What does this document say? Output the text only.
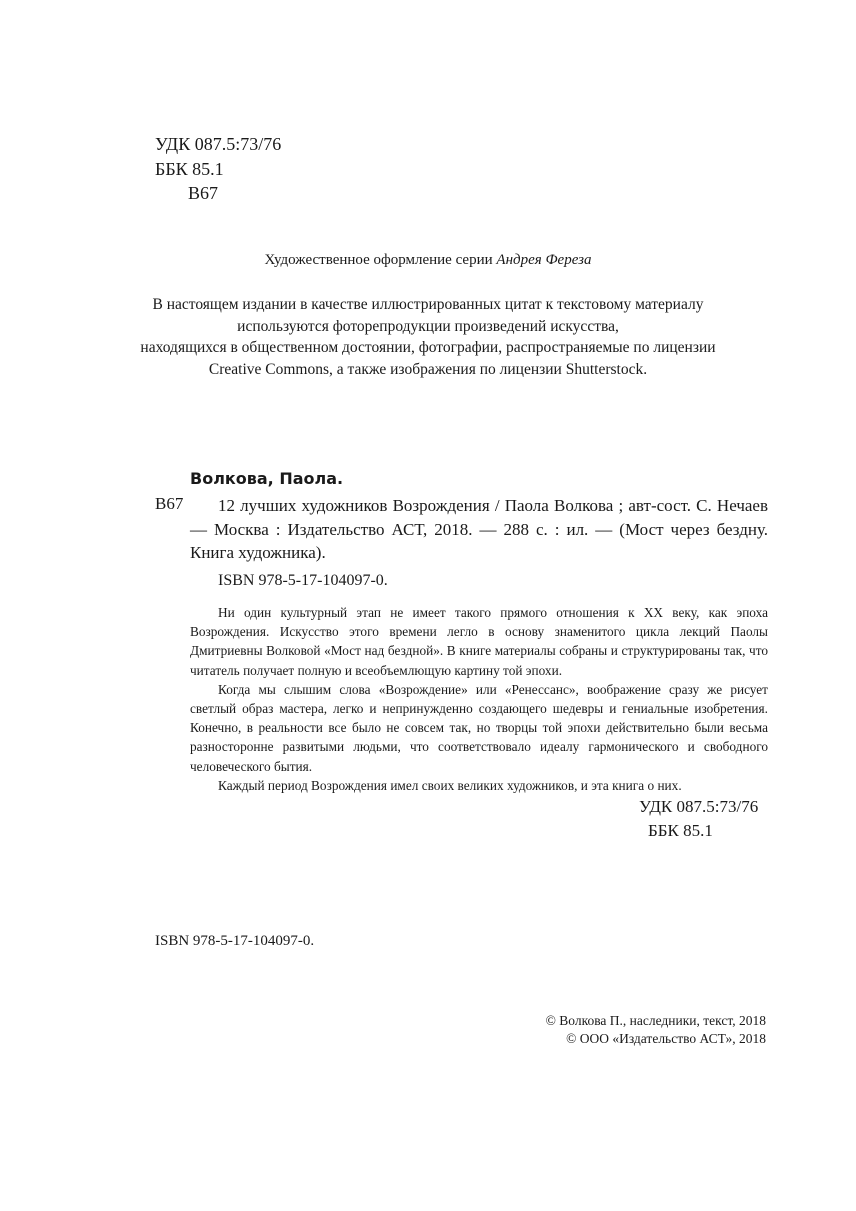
УДК 087.5:73/76
ББК 85.1
В67
Художественное оформление серии Андрея Фереза
В настоящем издании в качестве иллюстрированных цитат к текстовому материалу
используются фоторепродукции произведений искусства,
находящихся в общественном достоянии, фотографии, распространяемые по лицензии
Creative Commons, а также изображения по лицензии Shutterstock.
Волкова, Паола.
В67	12 лучших художников Возрождения / Паола Волкова ; авт-сост. С. Нечаев — Москва : Издательство АСТ, 2018. — 288 с. : ил. — (Мост через бездну. Книга художника).
ISBN 978-5-17-104097-0.

Ни один культурный этап не имеет такого прямого отношения к ХХ веку, как эпоха Возрождения. Искусство этого времени легло в основу знаменитого цикла лекций Паолы Дмитриевны Волковой «Мост над бездной». В книге материалы собраны и структурированы так, что читатель получает полную и всеобъемлющую картину той эпохи.

Когда мы слышим слова «Возрождение» или «Ренессанс», воображение сразу же рисует светлый образ мастера, легко и непринужденно создающего шедевры и гениальные изобретения. Конечно, в реальности все было не совсем так, но творцы той эпохи действительно были весьма разносторонне развитыми людьми, что соответствовало идеалу гармонического и свободного человеческого бытия.

Каждый период Возрождения имел своих великих художников, и эта книга о них.

УДК 087.5:73/76
ББК 85.1
ISBN 978-5-17-104097-0.
© Волкова П., наследники, текст, 2018
© ООО «Издательство АСТ», 2018
